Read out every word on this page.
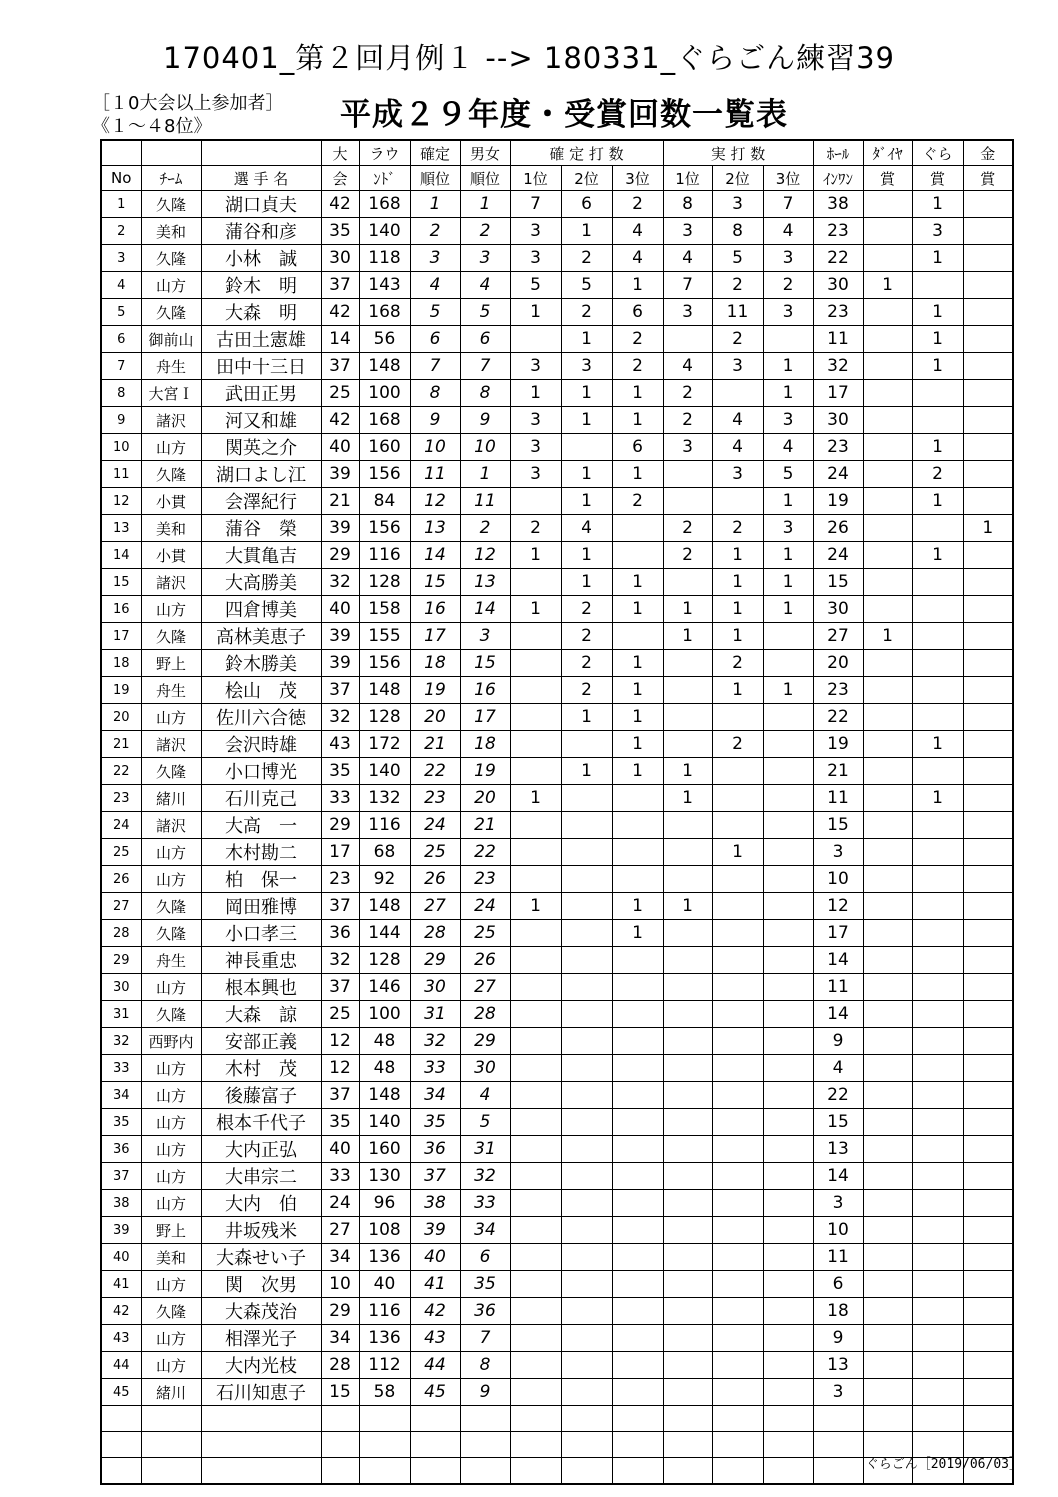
170401_第２回月例１ --> 180331_ぐらごん練習39
［１0大会以上参加者］
《１～４8位》	平成２９年度・受賞回数一覧表
			大	ラウ	確定	男女	確 定 打 数			実 打 数			ﾎｰﾙ	ﾀﾞｲﾔ	ぐら	金
No	ﾁｰﾑ	選 手 名	会	ﾝﾄﾞ	順位	順位	1位	2位	3位	1位	2位	3位	ｲﾝﾜﾝ	賞	賞	賞
1	久隆	湖口貞夫	42	168	1	1	7	6	2	8	3	7	38		1	
2	美和	蒲谷和彦	35	140	2	2	3	1	4	3	8	4	23		3	
3	久隆	小林　誠	30	118	3	3	3	2	4	4	5	3	22		1	
4	山方	鈴木　明	37	143	4	4	5	5	1	7	2	2	30	1		
5	久隆	大森　明	42	168	5	5	1	2	6	3	11	3	23		1	
6	御前山	古田土憲雄	14	56	6	6		1	2		2		11		1	
7	舟生	田中十三日	37	148	7	7	3	3	2	4	3	1	32		1	
8	大宮Ｉ	武田正男	25	100	8	8	1	1	1	2		1	17			
9	諸沢	河又和雄	42	168	9	9	3	1	1	2	4	3	30			
10	山方	関英之介	40	160	10	10	3		6	3	4	4	23		1	
11	久隆	湖口よし江	39	156	11	1	3	1	1		3	5	24		2	
12	小貫	会澤紀行	21	84	12	11		1	2			1	19		1	
13	美和	蒲谷　榮	39	156	13	2	2	4		2	2	3	26			1
14	小貫	大貫亀吉	29	116	14	12	1	1		2	1	1	24		1	
15	諸沢	大高勝美	32	128	15	13		1	1		1	1	15			
16	山方	四倉博美	40	158	16	14	1	2	1	1	1	1	30			
17	久隆	高林美恵子	39	155	17	3		2		1	1		27	1		
18	野上	鈴木勝美	39	156	18	15		2	1		2		20			
19	舟生	桧山　茂	37	148	19	16		2	1		1	1	23			
20	山方	佐川六合徳	32	128	20	17		1	1				22			
21	諸沢	会沢時雄	43	172	21	18			1		2		19		1	
22	久隆	小口博光	35	140	22	19		1	1	1			21			
23	緒川	石川克己	33	132	23	20	1			1			11		1	
24	諸沢	大高　一	29	116	24	21							15			
25	山方	木村勘二	17	68	25	22					1		3			
26	山方	柏　保一	23	92	26	23							10			
27	久隆	岡田雅博	37	148	27	24	1		1	1			12			
28	久隆	小口孝三	36	144	28	25			1				17			
29	舟生	神長重忠	32	128	29	26							14			
30	山方	根本興也	37	146	30	27							11			
31	久隆	大森　諒	25	100	31	28							14			
32	西野内	安部正義	12	48	32	29							9			
33	山方	木村　茂	12	48	33	30							4			
34	山方	後藤富子	37	148	34	4							22			
35	山方	根本千代子	35	140	35	5							15			
36	山方	大内正弘	40	160	36	31							13			
37	山方	大串宗二	33	130	37	32							14			
38	山方	大内　伯	24	96	38	33							3			
39	野上	井坂残米	27	108	39	34							10			
40	美和	大森せい子	34	136	40	6							11			
41	山方	関　次男	10	40	41	35							6			
42	久隆	大森茂治	29	116	42	36							18			
43	山方	相澤光子	34	136	43	7							9			
44	山方	大内光枝	28	112	44	8							13			
45	緒川	石川知恵子	15	58	45	9							3			

ぐらごん［2019/06/03］
